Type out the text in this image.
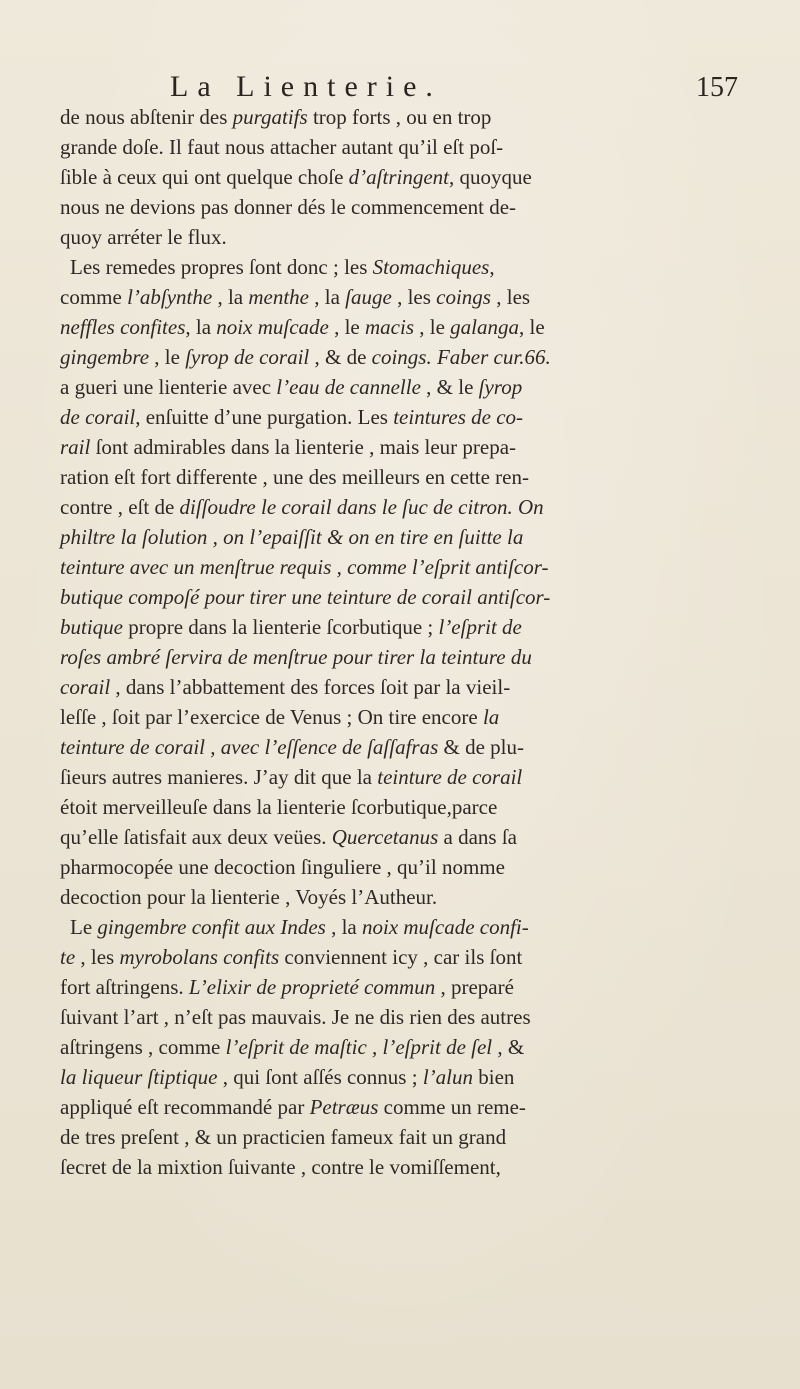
La Lienterie.	157
de nous abſtenir des purgatifs trop forts , ou en trop
grande doſe. Il faut nous attacher autant qu’il eſt poſ-
ſible à ceux qui ont quelque choſe d’aſtringent, quoyque
nous ne devions pas donner dés le commencement de-
quoy arréter le flux.
Les remedes propres ſont donc ; les Stomachiques,
comme l’abſynthe , la menthe , la ſauge , les coings , les
neffles confites, la noix muſcade , le macis , le galanga, le
gingembre , le ſyrop de corail , & de coings. Faber cur.66.
a gueri une lienterie avec l’eau de cannelle , & le ſyrop
de corail, enſuitte d’une purgation. Les teintures de co-
rail ſont admirables dans la lienterie , mais leur prepa-
ration eſt fort differente , une des meilleurs en cette ren-
contre , eſt de diſſoudre le corail dans le ſuc de citron. On
philtre la ſolution , on l’epaiſſit & on en tire en ſuitte la
teinture avec un menſtrue requis , comme l’eſprit antiſcor-
butique compoſé pour tirer une teinture de corail antiſcor-
butique propre dans la lienterie ſcorbutique ; l’eſprit de
roſes ambré ſervira de menſtrue pour tirer la teinture du
corail , dans l’abbattement des forces ſoit par la vieil-
leſſe , ſoit par l’exercice de Venus ; On tire encore la
teinture de corail , avec l’eſſence de ſaſſafras & de plu-
ſieurs autres manieres. J’ay dit que la teinture de corail
étoit merveilleuſe dans la lienterie ſcorbutique,parce
qu’elle ſatisfait aux deux veües. Quercetanus a dans ſa
pharmocopée une decoction ſinguliere , qu’il nomme
decoction pour la lienterie , Voyés l’Autheur.
Le gingembre confit aux Indes , la noix muſcade confi-
te , les myrobolans confits conviennent icy , car ils ſont
fort aſtringens. L’elixir de proprieté commun , preparé
ſuivant l’art , n’eſt pas mauvais. Je ne dis rien des autres
aſtringens , comme l’eſprit de maſtic , l’eſprit de ſel , &
la liqueur ſtiptique , qui ſont aſſés connus ; l’alun bien
appliqué eſt recommandé par Petræus comme un reme-
de tres preſent , & un practicien fameux fait un grand
ſecret de la mixtion ſuivante , contre le vomiſſement,
